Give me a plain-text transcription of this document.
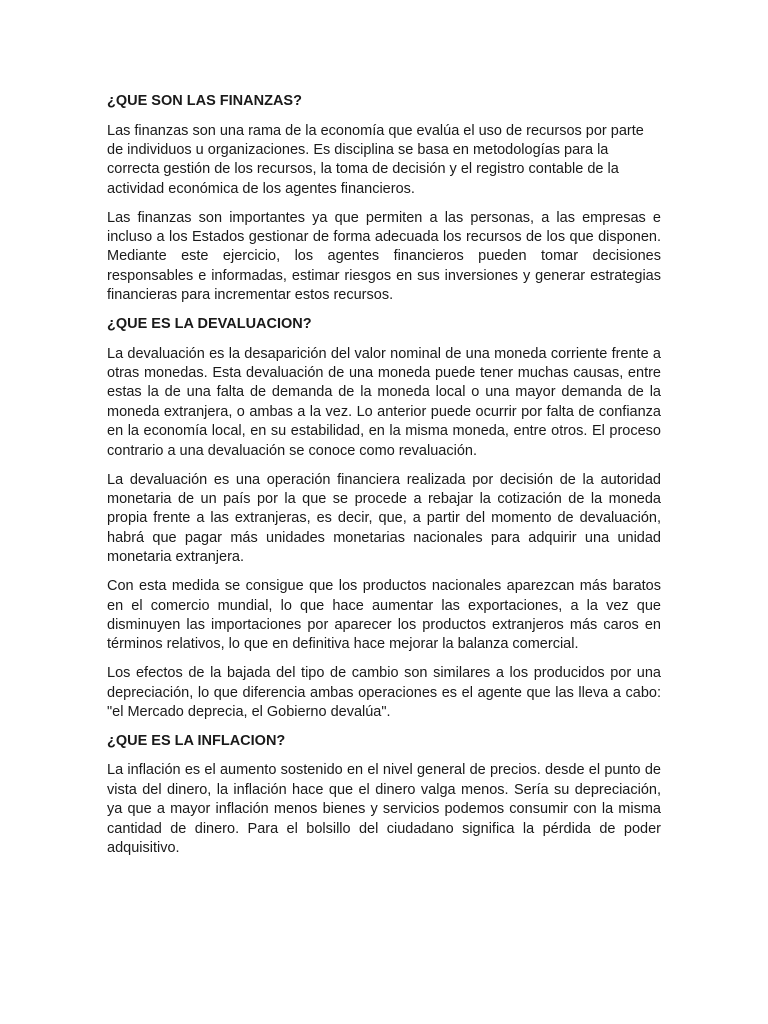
¿QUE SON LAS FINANZAS?

Las finanzas son una rama de la economía que evalúa el uso de recursos por parte de individuos u organizaciones. Es disciplina se basa en metodologías para la correcta gestión de los recursos, la toma de decisión y el registro contable de la actividad económica de los agentes financieros.

Las finanzas son importantes ya que permiten a las personas, a las empresas e incluso a los Estados gestionar de forma adecuada los recursos de los que disponen. Mediante este ejercicio, los agentes financieros pueden tomar decisiones responsables e informadas, estimar riesgos en sus inversiones y generar estrategias financieras para incrementar estos recursos.

¿QUE ES LA DEVALUACION?

La devaluación es la desaparición del valor nominal de una moneda corriente frente a otras monedas. Esta devaluación de una moneda puede tener muchas causas, entre estas la de una falta de demanda de la moneda local o una mayor demanda de la moneda extranjera, o ambas a la vez. Lo anterior puede ocurrir por falta de confianza en la economía local, en su estabilidad, en la misma moneda, entre otros. El proceso contrario a una devaluación se conoce como revaluación.

La devaluación es una operación financiera realizada por decisión de la autoridad monetaria de un país por la que se procede a rebajar la cotización de la moneda propia frente a las extranjeras, es decir, que, a partir del momento de devaluación, habrá que pagar más unidades monetarias nacionales para adquirir una unidad monetaria extranjera.

Con esta medida se consigue que los productos nacionales aparezcan más baratos en el comercio mundial, lo que hace aumentar las exportaciones, a la vez que disminuyen las importaciones por aparecer los productos extranjeros más caros en términos relativos, lo que en definitiva hace mejorar la balanza comercial.

Los efectos de la bajada del tipo de cambio son similares a los producidos por una depreciación, lo que diferencia ambas operaciones es el agente que las lleva a cabo: "el Mercado deprecia, el Gobierno devalúa".

¿QUE ES LA INFLACION?

La inflación es el aumento sostenido en el nivel general de precios. desde el punto de vista del dinero, la inflación hace que el dinero valga menos. Sería su depreciación, ya que a mayor inflación menos bienes y servicios podemos consumir con la misma cantidad de dinero. Para el bolsillo del ciudadano significa la pérdida de poder adquisitivo.
